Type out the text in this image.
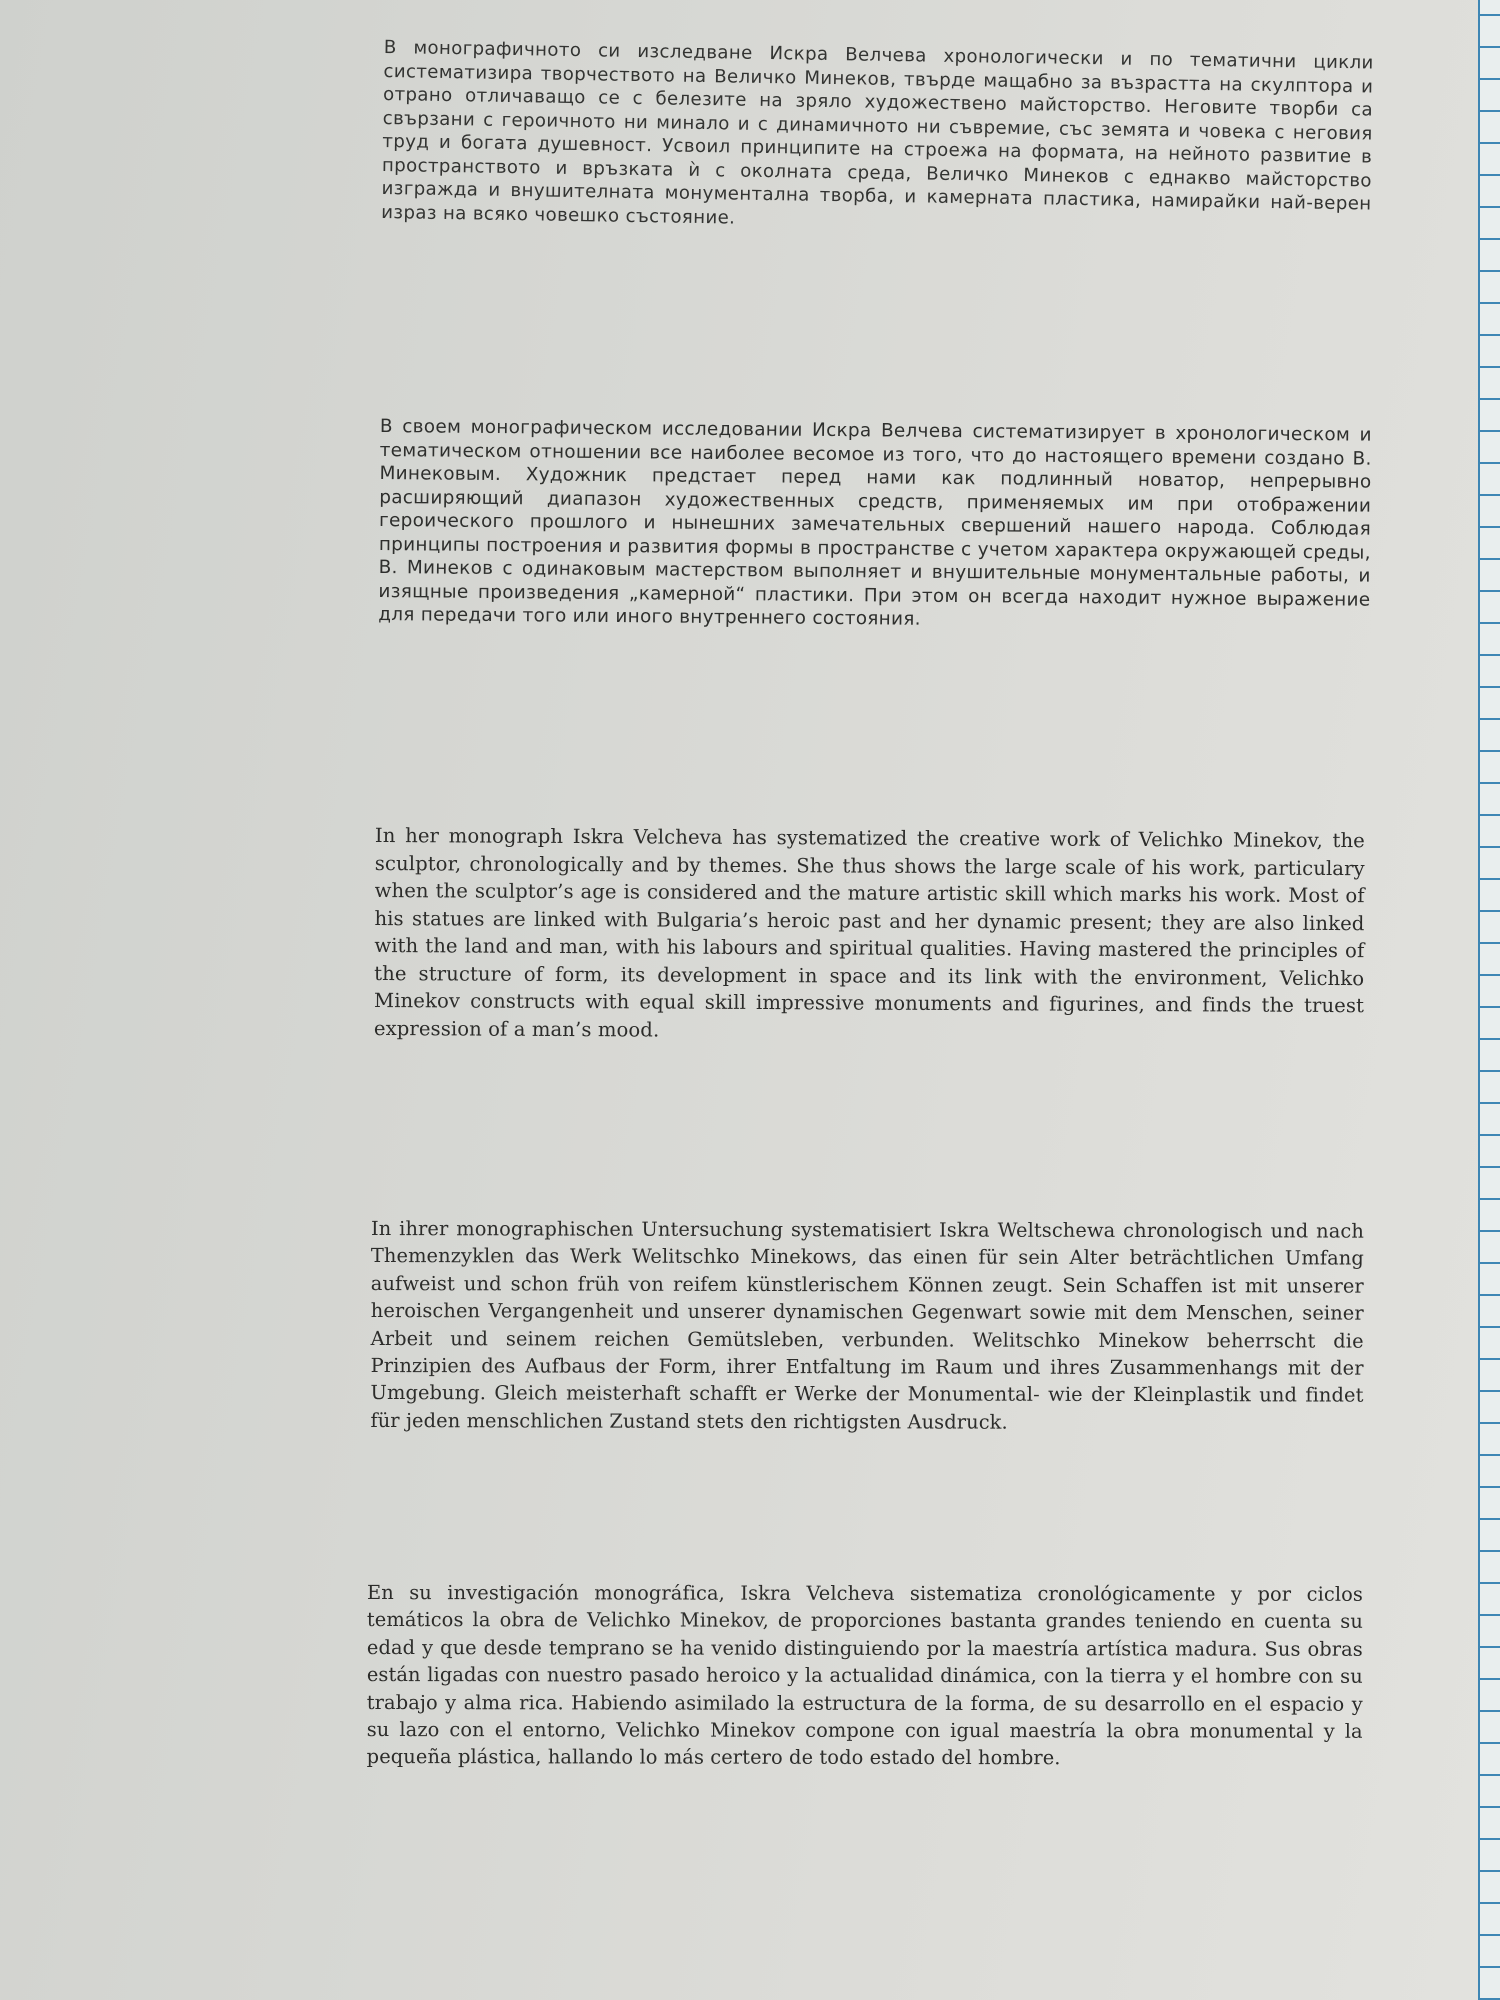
В монографичното си изследване Искра Велчева хронологически и по тематични цикли систематизира творчеството на Величко Минеков, твърде мащабно за възрастта на скулптора и отрано отличаващо се с белезите на зряло художествено майсторство. Неговите творби са свързани с героичното ни минало и с динамичното ни съвремие, със земята и човека с неговия труд и богата душевност. Усвоил принципите на строежа на формата, на нейното развитие в пространството и връзката ѝ с околната среда, Величко Минеков с еднакво майсторство изгражда и внушителната монументална творба, и камерната пластика, намирайки най-верен израз на всяко човешко състояние.

В своем монографическом исследовании Искра Велчева систематизирует в хронологическом и тематическом отношении все наиболее весомое из того, что до настоящего времени создано В. Минековым. Художник предстает перед нами как подлинный новатор, непрерывно расширяющий диапазон художественных средств, применяемых им при отображении героического прошлого и нынешних замечательных свершений нашего народа. Соблюдая принципы построения и развития формы в пространстве с учетом характера окружающей среды, В. Минеков с одинаковым мастерством выполняет и внушительные монументальные работы, и изящные произведения „камерной“ пластики. При этом он всегда находит нужное выражение для передачи того или иного внутреннего состояния.

In her monograph Iskra Velcheva has systematized the creative work of Velichko Minekov, the sculptor, chronologically and by themes. She thus shows the large scale of his work, particulary when the sculptor’s age is considered and the mature artistic skill which marks his work. Most of his statues are linked with Bulgaria’s heroic past and her dynamic present; they are also linked with the land and man, with his labours and spiritual qualities. Having mastered the principles of the structure of form, its development in space and its link with the environment, Velichko Minekov constructs with equal skill impressive monuments and figurines, and finds the truest expression of a man’s mood.

In ihrer monographischen Untersuchung systematisiert Iskra Weltschewa chronologisch und nach Themenzyklen das Werk Welitschko Minekows, das einen für sein Alter beträchtlichen Umfang aufweist und schon früh von reifem künstlerischem Können zeugt. Sein Schaffen ist mit unserer heroischen Vergangenheit und unserer dynamischen Gegenwart sowie mit dem Menschen, seiner Arbeit und seinem reichen Gemütsleben, verbunden. Welitschko Minekow beherrscht die Prinzipien des Aufbaus der Form, ihrer Entfaltung im Raum und ihres Zusammenhangs mit der Umgebung. Gleich meisterhaft schafft er Werke der Monumental- wie der Kleinplastik und findet für jeden menschlichen Zustand stets den richtigsten Ausdruck.

En su investigación monográfica, Iskra Velcheva sistematiza cronológicamente y por ciclos temáticos la obra de Velichko Minekov, de proporciones bastanta grandes teniendo en cuenta su edad y que desde temprano se ha venido distinguiendo por la maestría artística madura. Sus obras están ligadas con nuestro pasado heroico y la actualidad dinámica, con la tierra y el hombre con su trabajo y alma rica. Habiendo asimilado la estructura de la forma, de su desarrollo en el espacio y su lazo con el entorno, Velichko Minekov compone con igual maestría la obra monumental y la pequeña plástica, hallando lo más certero de todo estado del hombre.
